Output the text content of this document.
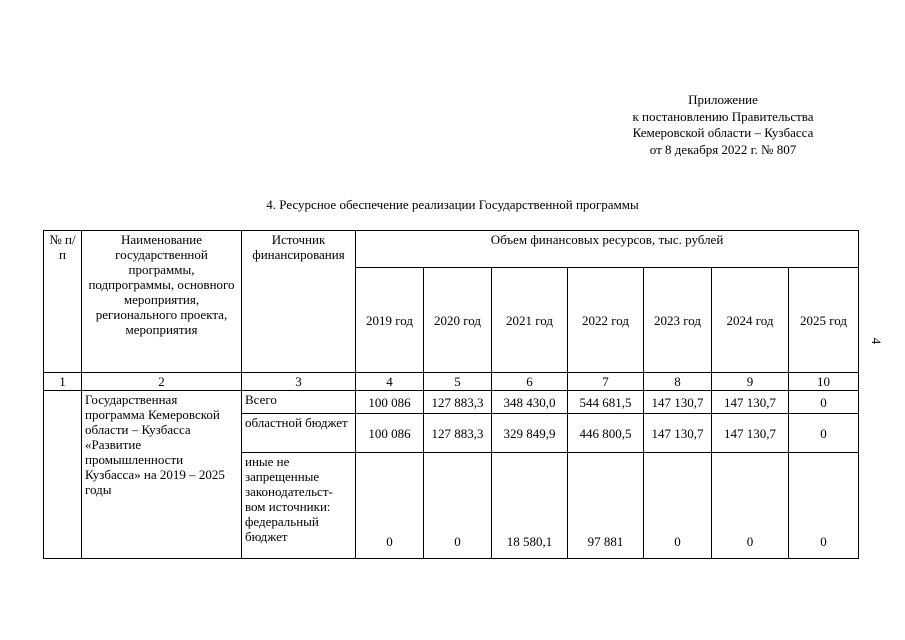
Приложение
к постановлению Правительства
Кемеровской области – Кузбасса
от 8 декабря 2022 г. № 807
4. Ресурсное обеспечение реализации Государственной программы
4
№ п/п	Наименование государственной программы, подпрограммы, основного мероприятия, регионального проекта, мероприятия	Источник финансирования	Объем финансовых ресурсов, тыс. рублей						
			2019 год	2020 год	2021 год	2022 год	2023 год	2024 год	2025 год
1	2	3	4	5	6	7	8	9	10
	Государственная программа Кемеровской области – Кузбасса «Развитие промышленности Кузбасса» на 2019 – 2025 годы	Всего	100 086	127 883,3	348 430,0	544 681,5	147 130,7	147 130,7	0
		областной бюджет	100 086	127 883,3	329 849,9	446 800,5	147 130,7	147 130,7	0
		иные не запрещенные законодательст-вом источники: федеральный бюджет	0	0	18 580,1	97 881	0	0	0
